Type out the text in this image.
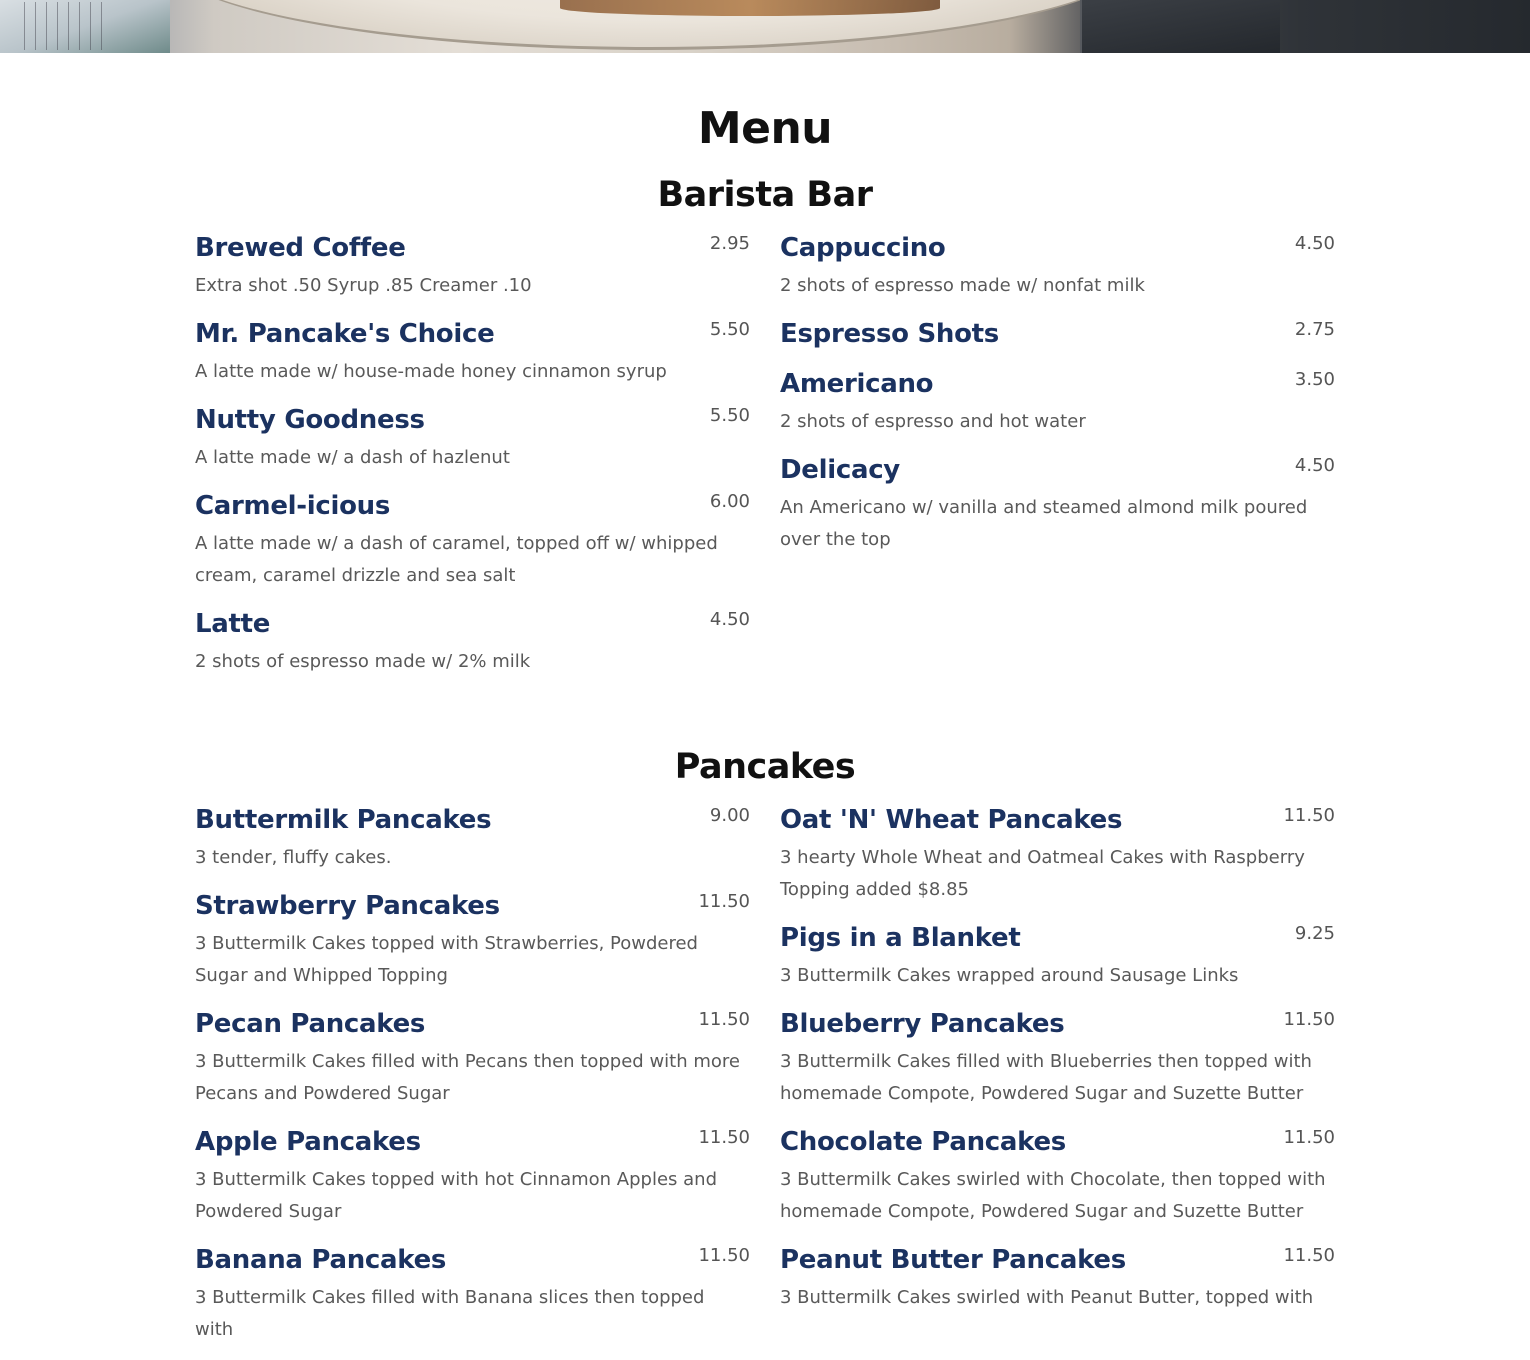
Menu
Barista Bar
Brewed Coffee	2.95
Extra shot .50 Syrup .85 Creamer .10
Mr. Pancake's Choice	5.50
A latte made w/ house-made honey cinnamon syrup
Nutty Goodness	5.50
A latte made w/ a dash of hazlenut
Carmel-icious	6.00
A latte made w/ a dash of caramel, topped off w/ whipped cream, caramel drizzle and sea salt
Latte	4.50
2 shots of espresso made w/ 2% milk
Cappuccino	4.50
2 shots of espresso made w/ nonfat milk
Espresso Shots	2.75
Americano	3.50
2 shots of espresso and hot water
Delicacy	4.50
An Americano w/ vanilla and steamed almond milk poured over the top
Pancakes
Buttermilk Pancakes	9.00
3 tender, fluffy cakes.
Strawberry Pancakes	11.50
3 Buttermilk Cakes topped with Strawberries, Powdered Sugar and Whipped Topping
Pecan Pancakes	11.50
3 Buttermilk Cakes filled with Pecans then topped with more Pecans and Powdered Sugar
Apple Pancakes	11.50
3 Buttermilk Cakes topped with hot Cinnamon Apples and Powdered Sugar
Banana Pancakes	11.50
3 Buttermilk Cakes filled with Banana slices then topped with
Oat 'N' Wheat Pancakes	11.50
3 hearty Whole Wheat and Oatmeal Cakes with Raspberry Topping added $8.85
Pigs in a Blanket	9.25
3 Buttermilk Cakes wrapped around Sausage Links
Blueberry Pancakes	11.50
3 Buttermilk Cakes filled with Blueberries then topped with homemade Compote, Powdered Sugar and Suzette Butter
Chocolate Pancakes	11.50
3 Buttermilk Cakes swirled with Chocolate, then topped with homemade Compote, Powdered Sugar and Suzette Butter
Peanut Butter Pancakes	11.50
3 Buttermilk Cakes swirled with Peanut Butter, topped with
